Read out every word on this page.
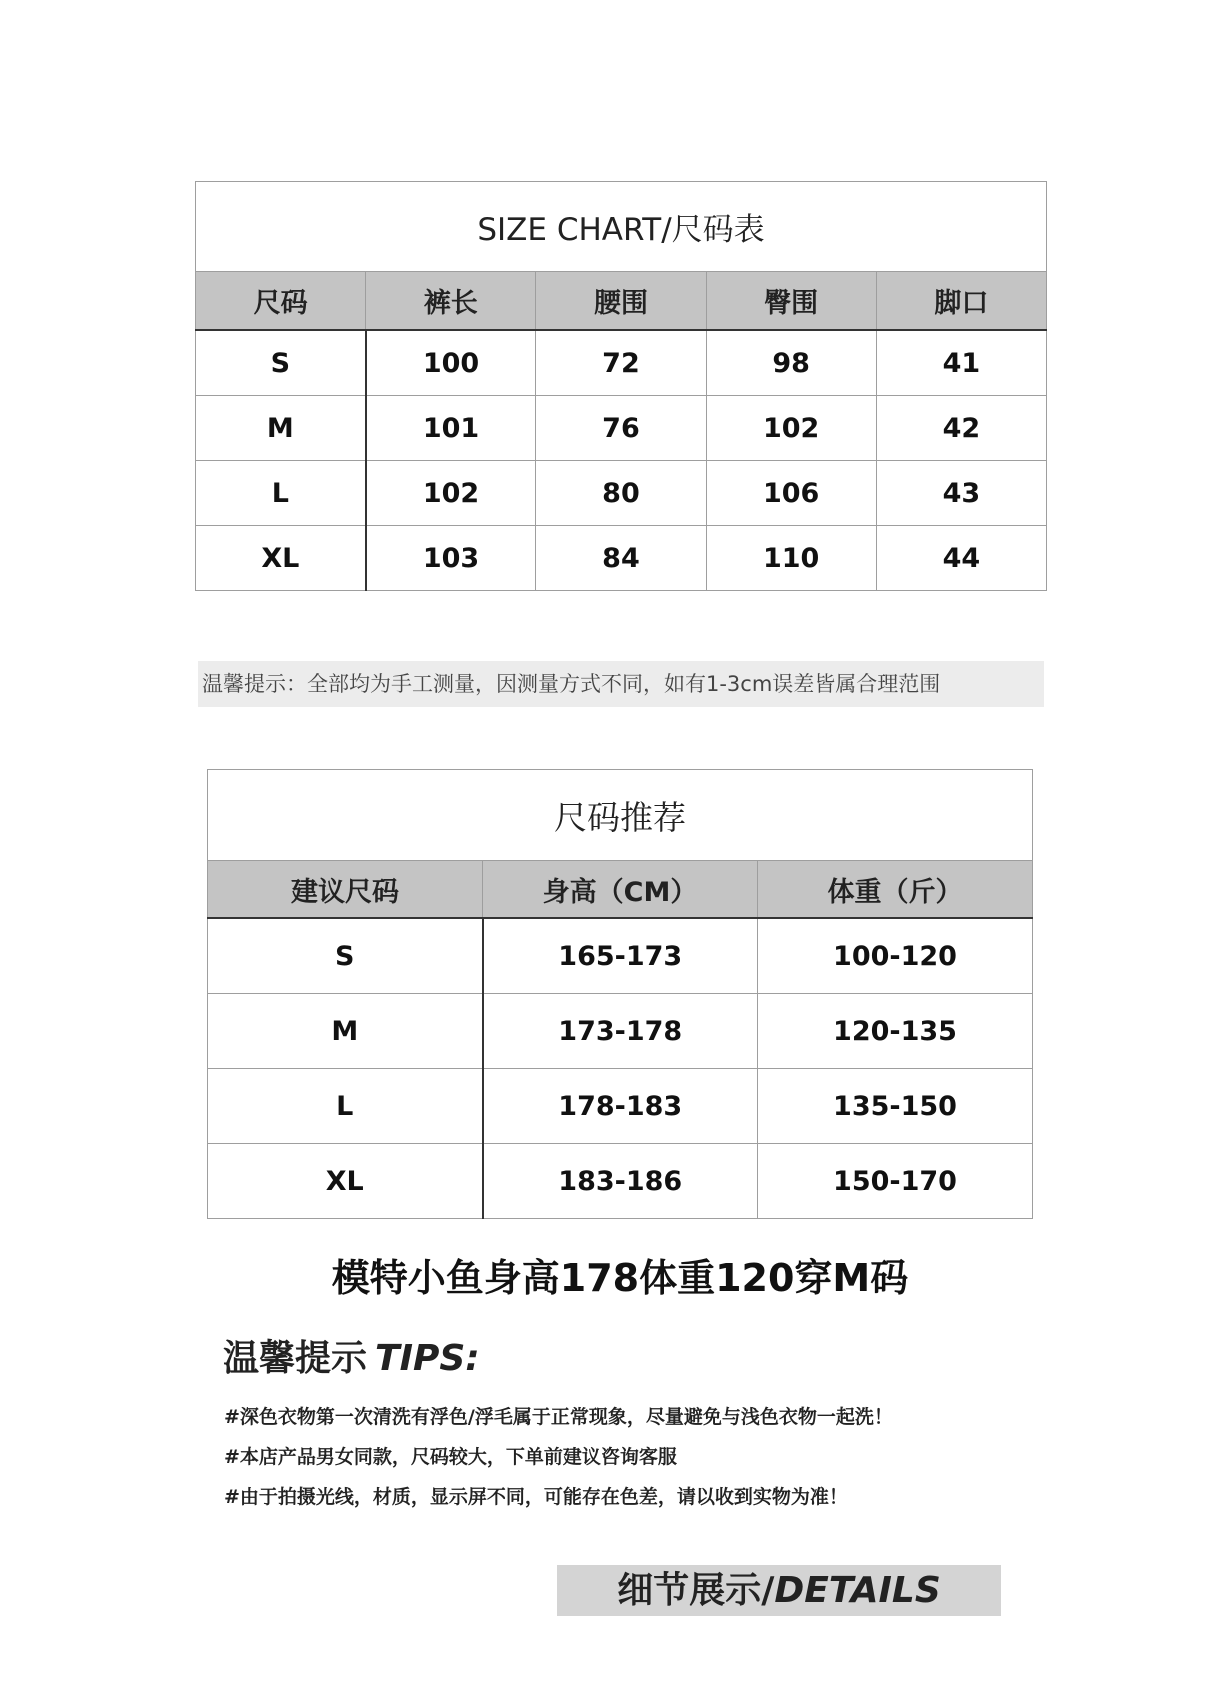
SIZE CHART/尺码表				
尺码	裤长	腰围	臀围	脚口
S	100	72	98	41
M	101	76	102	42
L	102	80	106	43
XL	103	84	110	44
温馨提示：全部均为手工测量，因测量方式不同，如有1-3cm误差皆属合理范围
尺码推荐		
建议尺码	身高（CM）	体重（斤）
S	165-173	100-120
M	173-178	120-135
L	178-183	135-150
XL	183-186	150-170
模特小鱼身高178体重120穿M码
温馨提示 TIPS:
#深色衣物第一次清洗有浮色/浮毛属于正常现象，尽量避免与浅色衣物一起洗！
#本店产品男女同款，尺码较大，下单前建议咨询客服
#由于拍摄光线，材质，显示屏不同，可能存在色差，请以收到实物为准！
细节展示/DETAILS
